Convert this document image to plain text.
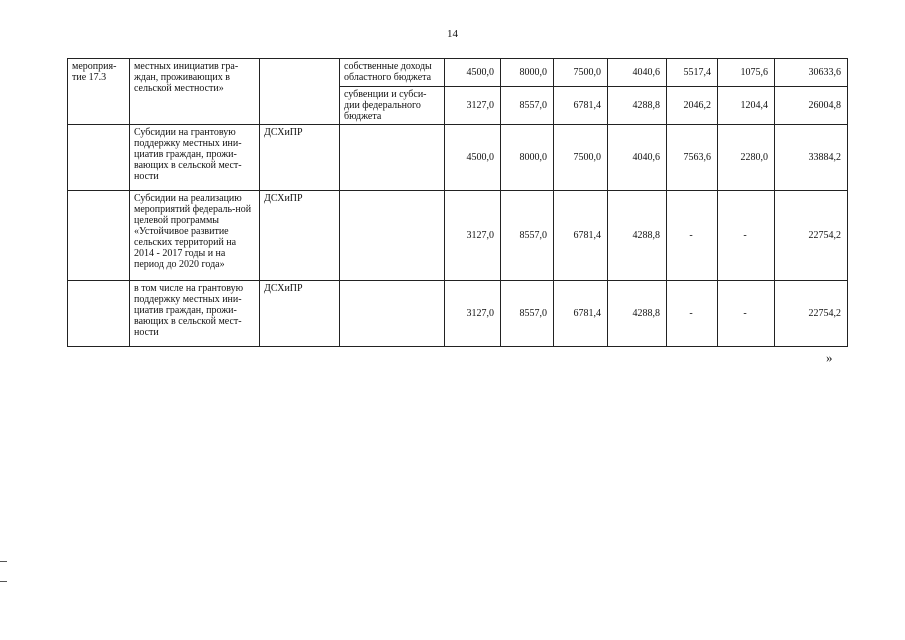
14
мероприя-тие 17.3	местных инициатив гра-ждан, проживающих в сельской местности»		собственные доходы областного бюджета	4500,0	8000,0	7500,0	4040,6	5517,4	1075,6	30633,6
			субвенции и субси-дии федерального бюджета	3127,0	8557,0	6781,4	4288,8	2046,2	1204,4	26004,8
	Субсидии на грантовую поддержку местных ини-циатив граждан, прожи-вающих в сельской мест-ности	ДСХиПР		4500,0	8000,0	7500,0	4040,6	7563,6	2280,0	33884,2
	Субсидии на реализацию мероприятий федераль-ной целевой программы «Устойчивое развитие сельских территорий на 2014 - 2017 годы и на период до 2020 года»	ДСХиПР		3127,0	8557,0	6781,4	4288,8	-	-	22754,2
	в том числе на грантовую поддержку местных ини-циатив граждан, прожи-вающих в сельской мест-ности	ДСХиПР		3127,0	8557,0	6781,4	4288,8	-	-	22754,2
»
